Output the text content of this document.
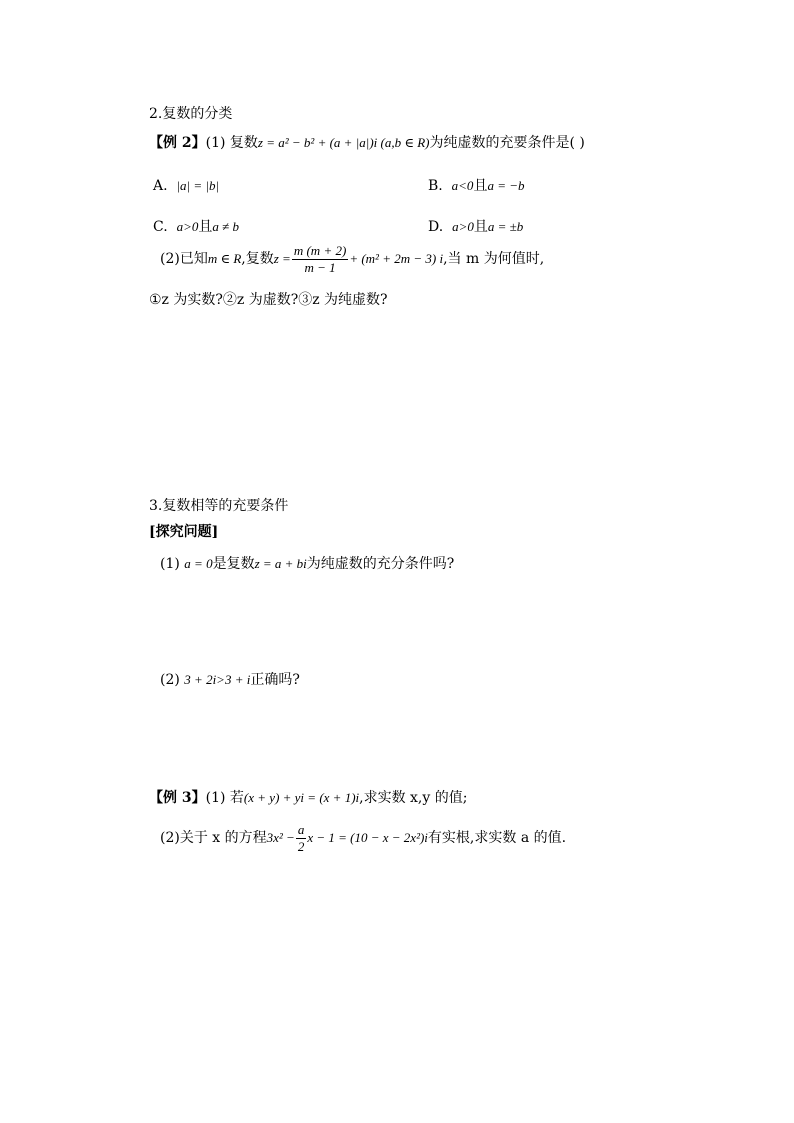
2.复数的分类
【例 2】(1) 复数z = a² − b² + (a + |a|)i (a,b ∈ R)为纯虚数的充要条件是( )
A. |a| = |b|	B. a<0且a = −b
C. a>0且a ≠ b	D. a>0且a = ±b
(2)已知m ∈ R,复数$z = \frac{m (m + 2)}{m - 1} + (m^2 + 2m - 3)$ i,当 m 为何值时,
①z 为实数?②z 为虚数?③z 为纯虚数?
3.复数相等的充要条件
[探究问题]
(1) a = 0是复数z = a + bi为纯虚数的充分条件吗?
(2) 3 + 2i>3 + i正确吗?
【例 3】(1) 若(x + y) + yi = (x + 1)i,求实数 x,y 的值;
(2)关于 x 的方程$3x^2 - \frac{a}{2}$ x − 1 = (10 − x − 2x²)i有实根,求实数 a 的值.
